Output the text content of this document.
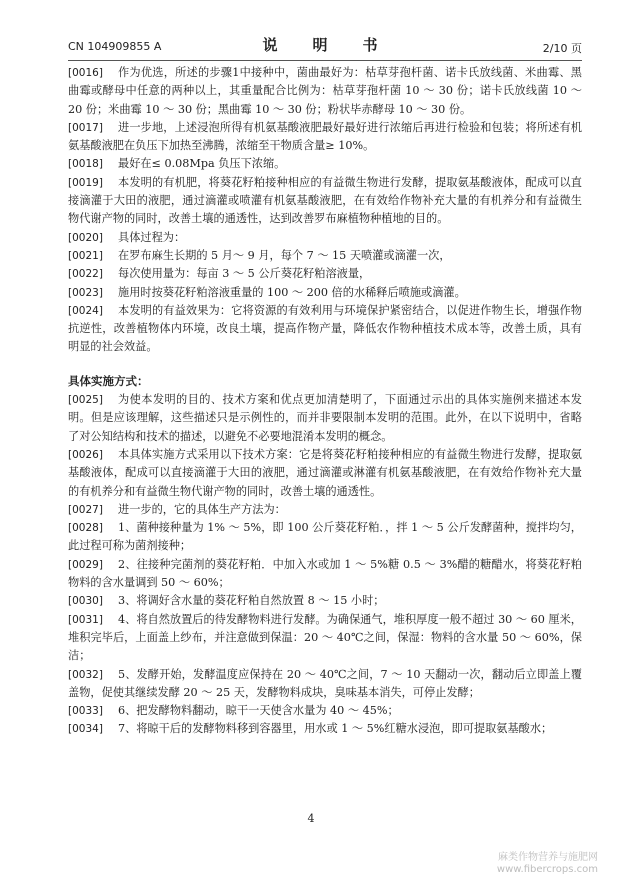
CN 104909855 A	说　明　书	2/10 页
[0016]	作为优选，所述的步骤1中接种中，菌曲最好为：枯草芽孢杆菌、诺卡氏放线菌、米曲霉、黑曲霉或酵母中任意的两种以上，其重量配合比例为：枯草芽孢杆菌 10 ～ 30 份；诺卡氏放线菌 10 ～ 20 份；米曲霉 10 ～ 30 份；黑曲霉 10 ～ 30 份；粉状毕赤酵母 10 ～ 30 份。
[0017]	进一步地，上述浸泡所得有机氨基酸液肥最好最好进行浓缩后再进行检验和包装；将所述有机氨基酸液肥在负压下加热至沸腾，浓缩至干物质含量≥ 10%。
[0018]	最好在≤ 0.08Mpa 负压下浓缩。
[0019]	本发明的有机肥，将葵花籽粕接种相应的有益微生物进行发酵，提取氨基酸液体，配成可以直接滴灌于大田的液肥，通过滴灌或喷灌有机氨基酸液肥，在有效给作物补充大量的有机养分和有益微生物代谢产物的同时，改善土壤的通透性，达到改善罗布麻植物种植地的目的。
[0020]	具体过程为：
[0021]	在罗布麻生长期的 5 月～ 9 月，每个 7 ～ 15 天喷灌或滴灌一次，
[0022]	每次使用量为：每亩 3 ～ 5 公斤葵花籽粕溶液量，
[0023]	施用时按葵花籽粕溶液重量的 100 ～ 200 倍的水稀释后喷施或滴灌。
[0024]	本发明的有益效果为：它将资源的有效利用与环境保护紧密结合，以促进作物生长，增强作物抗逆性，改善植物体内环境，改良土壤，提高作物产量，降低农作物种植技术成本等，改善土质，具有明显的社会效益。
具体实施方式：
[0025]	为使本发明的目的、技术方案和优点更加清楚明了，下面通过示出的具体实施例来描述本发明。但是应该理解，这些描述只是示例性的，而并非要限制本发明的范围。此外，在以下说明中，省略了对公知结构和技术的描述，以避免不必要地混淆本发明的概念。
[0026]	本具体实施方式采用以下技术方案：它是将葵花籽粕接种相应的有益微生物进行发酵，提取氨基酸液体，配成可以直接滴灌于大田的液肥，通过滴灌或淋灌有机氨基酸液肥，在有效给作物补充大量的有机养分和有益微生物代谢产物的同时，改善土壤的通透性。
[0027]	进一步的，它的具体生产方法为：
[0028]	1、菌种接种量为 1% ～ 5%，即 100 公斤葵花籽粕．，拌 1 ～ 5 公斤发酵菌种，搅拌均匀，此过程可称为菌剂接种；
[0029]	2、往接种完菌剂的葵花籽粕．中加入水或加 1 ～ 5%糖 0.5 ～ 3%醋的糖醋水，将葵花籽粕物料的含水量调到 50 ～ 60%；
[0030]	3、将调好含水量的葵花籽粕自然放置 8 ～ 15 小时；
[0031]	4、将自然放置后的待发酵物料进行发酵。为确保通气，堆积厚度一般不超过 30 ～ 60 厘米，堆积完毕后，上面盖上纱布，并注意做到保温：20 ～ 40℃之间，保湿：物料的含水量 50 ～ 60%，保洁；
[0032]	5、发酵开始，发酵温度应保持在 20 ～ 40℃之间，7 ～ 10 天翻动一次，翻动后立即盖上覆盖物，促使其继续发酵 20 ～ 25 天，发酵物料成块，臭味基本消失，可停止发酵；
[0033]	6、把发酵物料翻动，晾干一天使含水量为 40 ～ 45%；
[0034]	7、将晾干后的发酵物料移到容器里，用水或 1 ～ 5%红糖水浸泡，即可提取氨基酸水；
4
麻类作物营养与施肥网
www.fibercrops.com
